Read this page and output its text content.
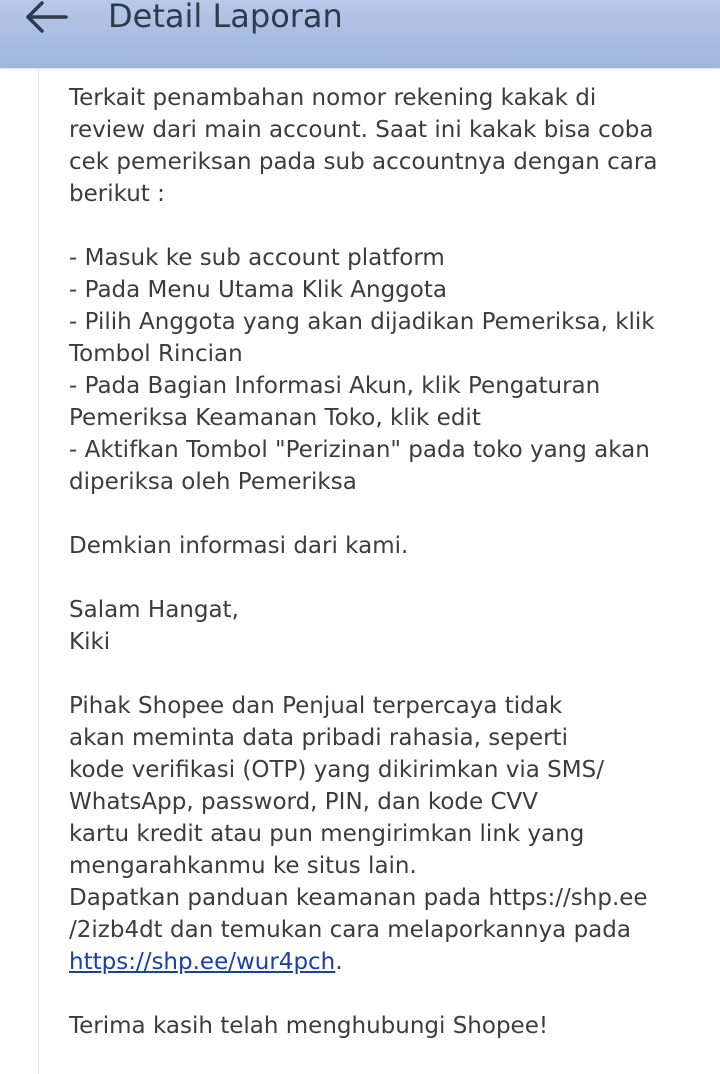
Detail Laporan
Terkait penambahan nomor rekening kakak di
review dari main account. Saat ini kakak bisa coba
cek pemeriksan pada sub accountnya dengan cara
berikut :
- Masuk ke sub account platform
- Pada Menu Utama Klik Anggota
- Pilih Anggota yang akan dijadikan Pemeriksa, klik
Tombol Rincian
- Pada Bagian Informasi Akun, klik Pengaturan
Pemeriksa Keamanan Toko, klik edit
- Aktifkan Tombol "Perizinan" pada toko yang akan
diperiksa oleh Pemeriksa
Demkian informasi dari kami.
Salam Hangat,
Kiki
Pihak Shopee dan Penjual terpercaya tidak
akan meminta data pribadi rahasia, seperti
kode verifikasi (OTP) yang dikirimkan via SMS/
WhatsApp, password, PIN, dan kode CVV
kartu kredit atau pun mengirimkan link yang
mengarahkanmu ke situs lain.
Dapatkan panduan keamanan pada https://shp.ee
/2izb4dt dan temukan cara melaporkannya pada
https://shp.ee/wur4pch.
Terima kasih telah menghubungi Shopee!
